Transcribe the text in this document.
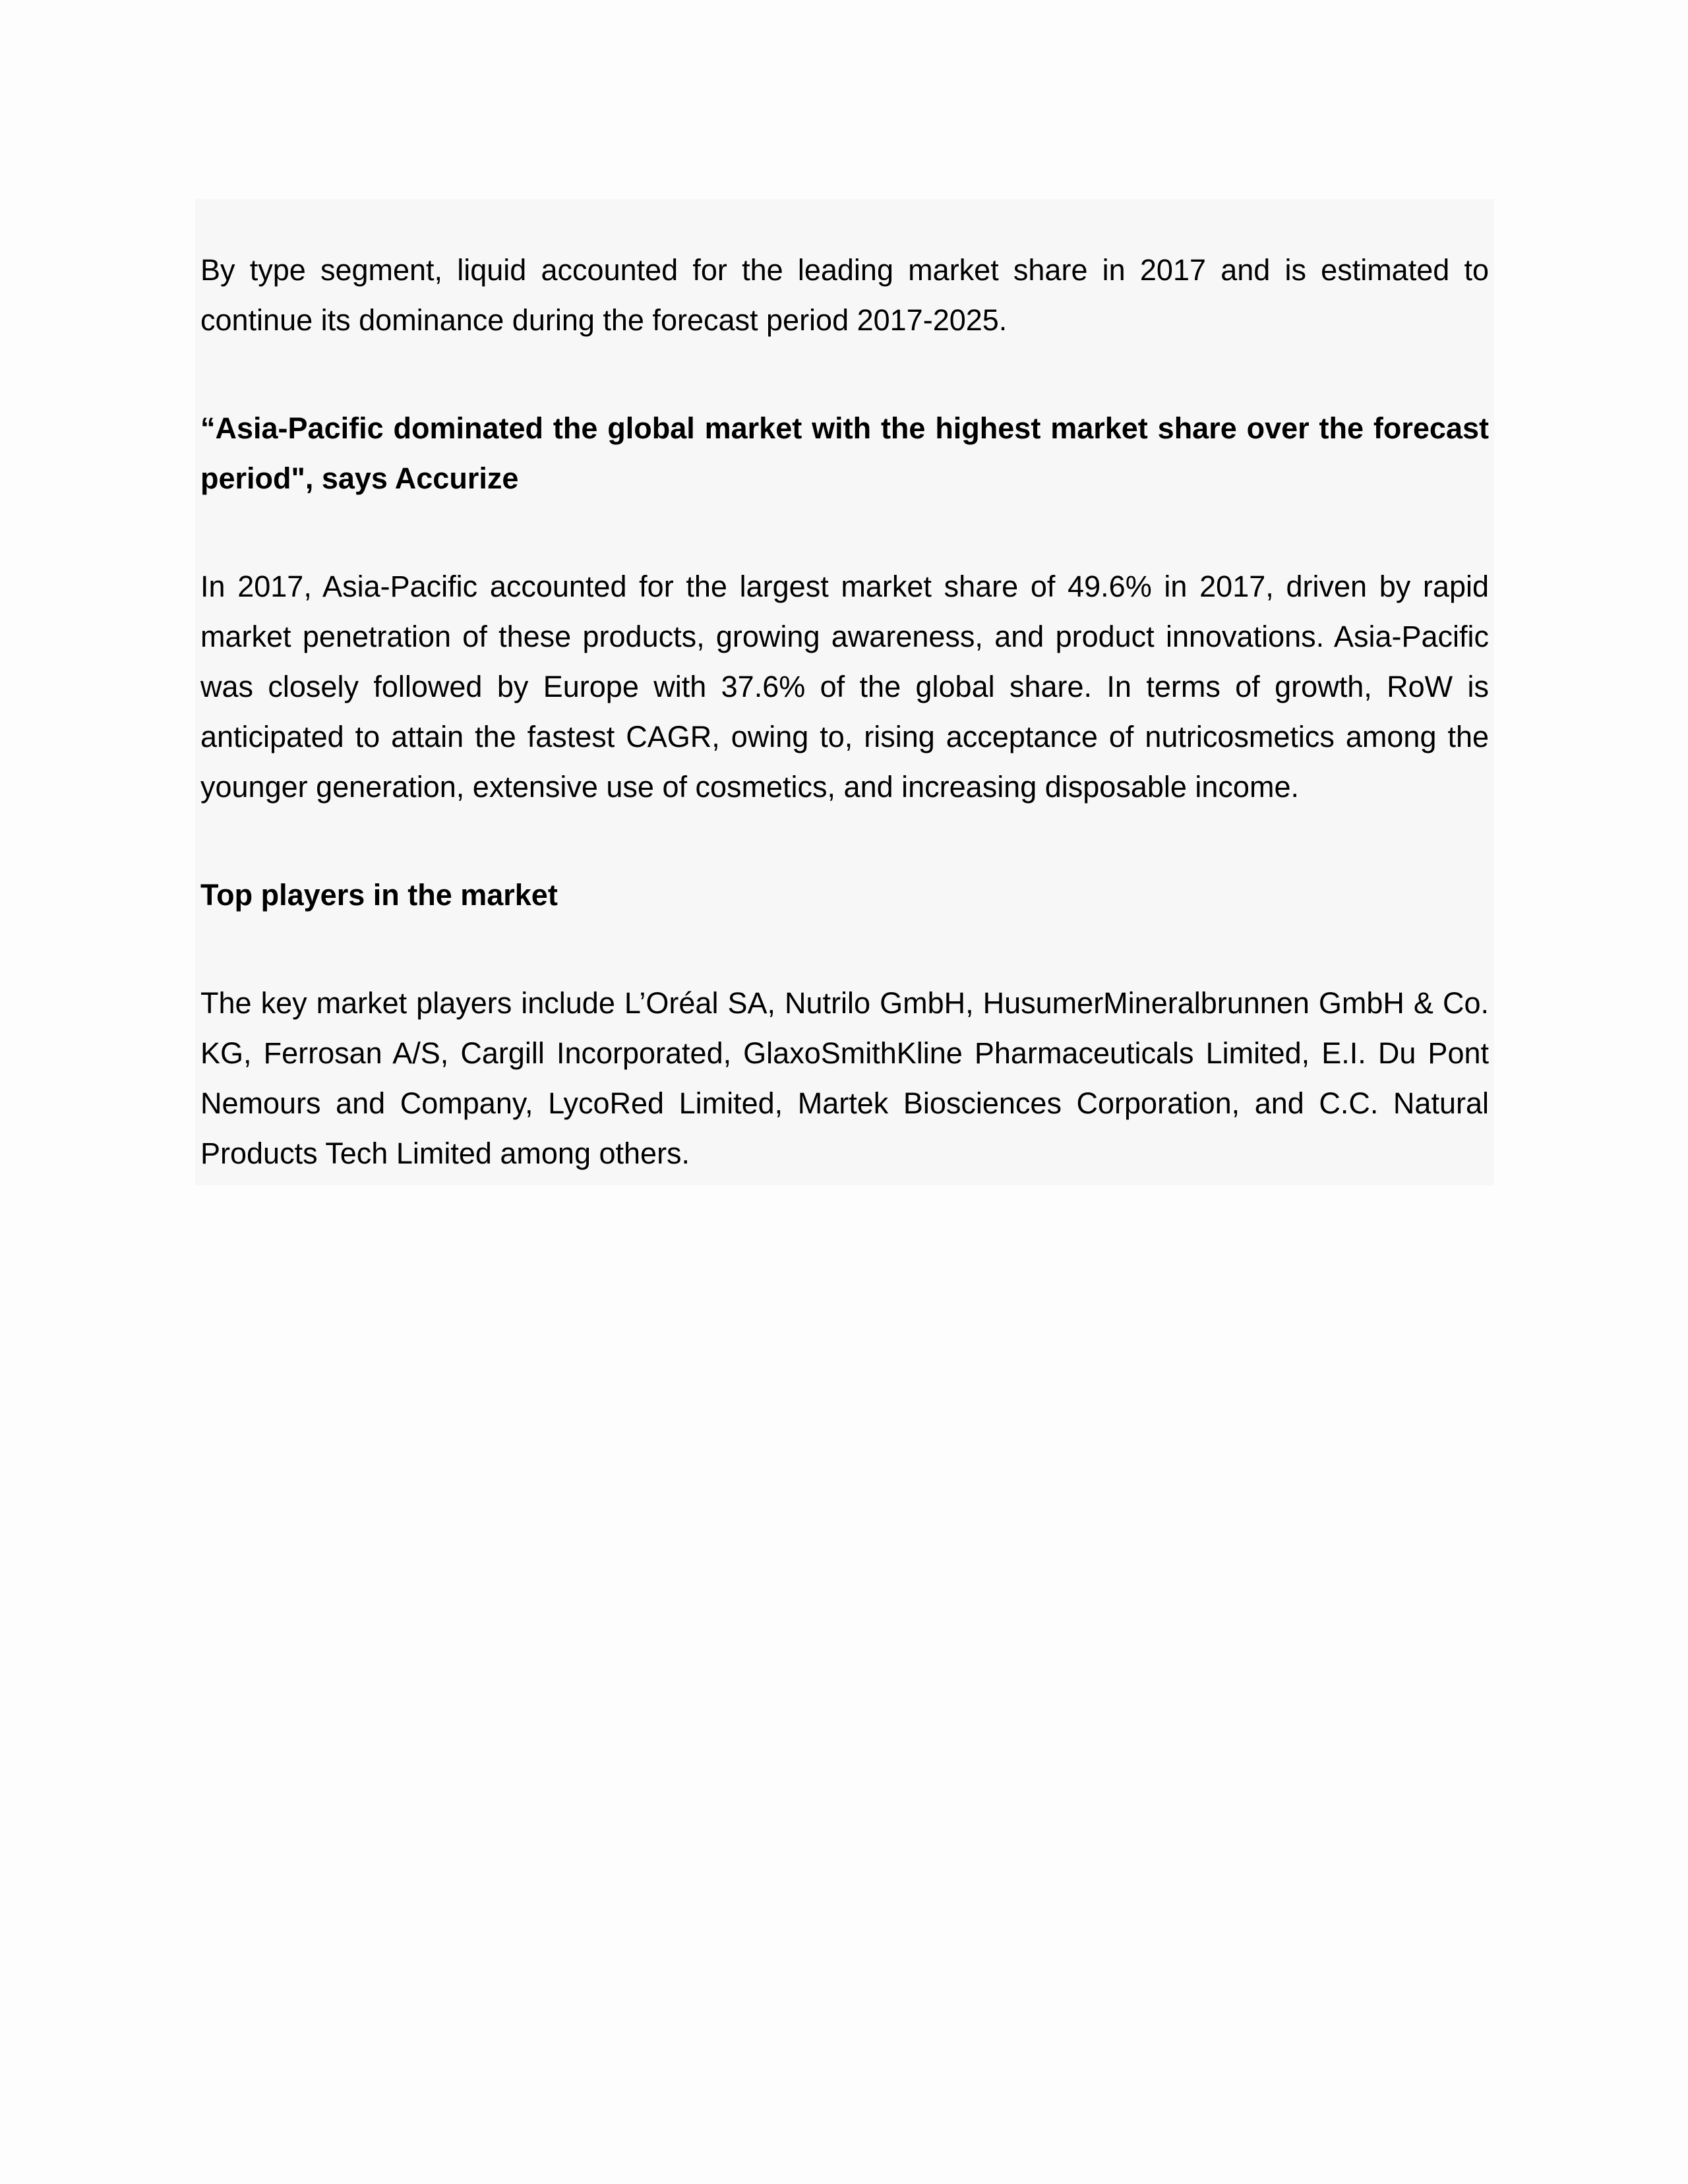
By type segment, liquid accounted for the leading market share in 2017 and is estimated to continue its dominance during the forecast period 2017-2025.

“Asia-Pacific dominated the global market with the highest market share over the forecast period", says Accurize

In 2017, Asia-Pacific accounted for the largest market share of 49.6% in 2017, driven by rapid market penetration of these products, growing awareness, and product innovations. Asia-Pacific was closely followed by Europe with 37.6% of the global share. In terms of growth, RoW is anticipated to attain the fastest CAGR, owing to, rising acceptance of nutricosmetics among the younger generation, extensive use of cosmetics, and increasing disposable income.

Top players in the market

The key market players include L’Oréal SA, Nutrilo GmbH, HusumerMineralbrunnen GmbH & Co. KG, Ferrosan A/S, Cargill Incorporated, GlaxoSmithKline Pharmaceuticals Limited, E.I. Du Pont Nemours and Company, LycoRed Limited, Martek Biosciences Corporation, and C.C. Natural Products Tech Limited among others.
